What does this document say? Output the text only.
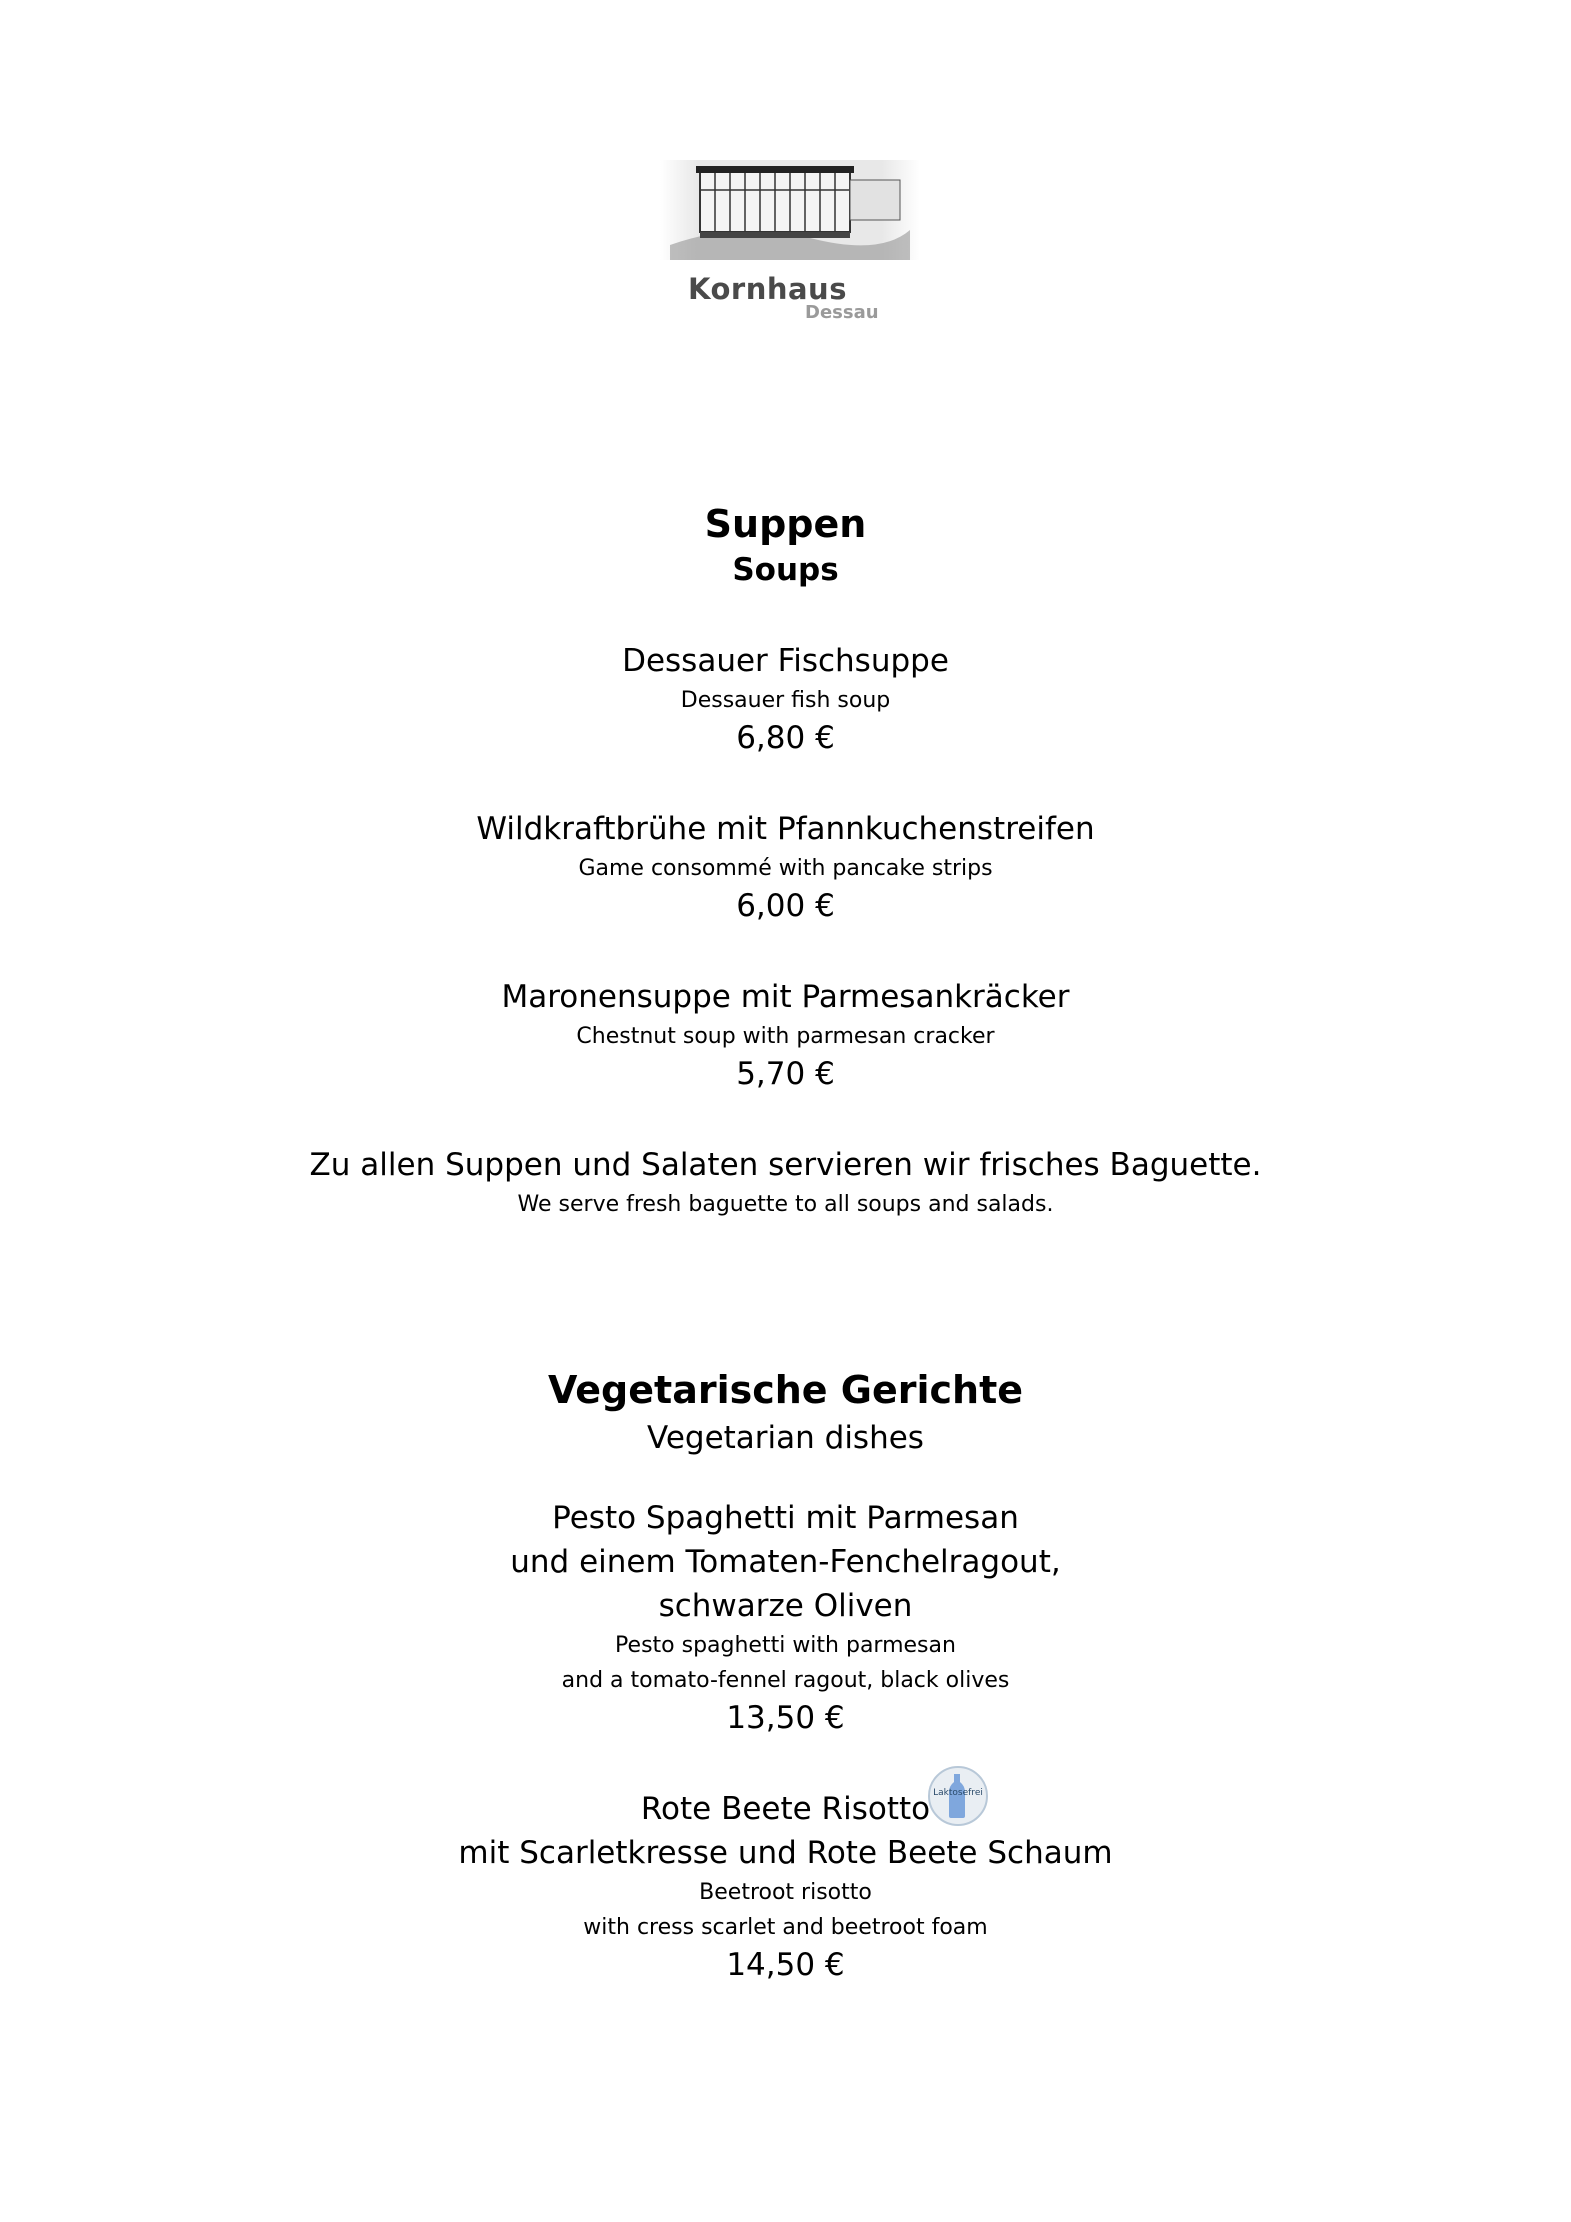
Kornhaus
Dessau
Suppen
Soups
Dessauer Fischsuppe
Dessauer fish soup
6,80 €
Wildkraftbrühe mit Pfannkuchenstreifen
Game consommé with pancake strips
6,00 €
Maronensuppe mit Parmesankräcker
Chestnut soup with parmesan cracker
5,70 €
Zu allen Suppen und Salaten servieren wir frisches Baguette.
We serve fresh baguette to all soups and salads.
Vegetarische Gerichte
Vegetarian dishes
Pesto Spaghetti mit Parmesan
und einem Tomaten-Fenchelragout,
schwarze Oliven
Pesto spaghetti with parmesan
and a tomato-fennel ragout, black olives
13,50 €
Rote Beete Risotto
mit Scarletkresse und Rote Beete Schaum
Beetroot risotto
with cress scarlet and beetroot foam
14,50 €
Laktosefrei
